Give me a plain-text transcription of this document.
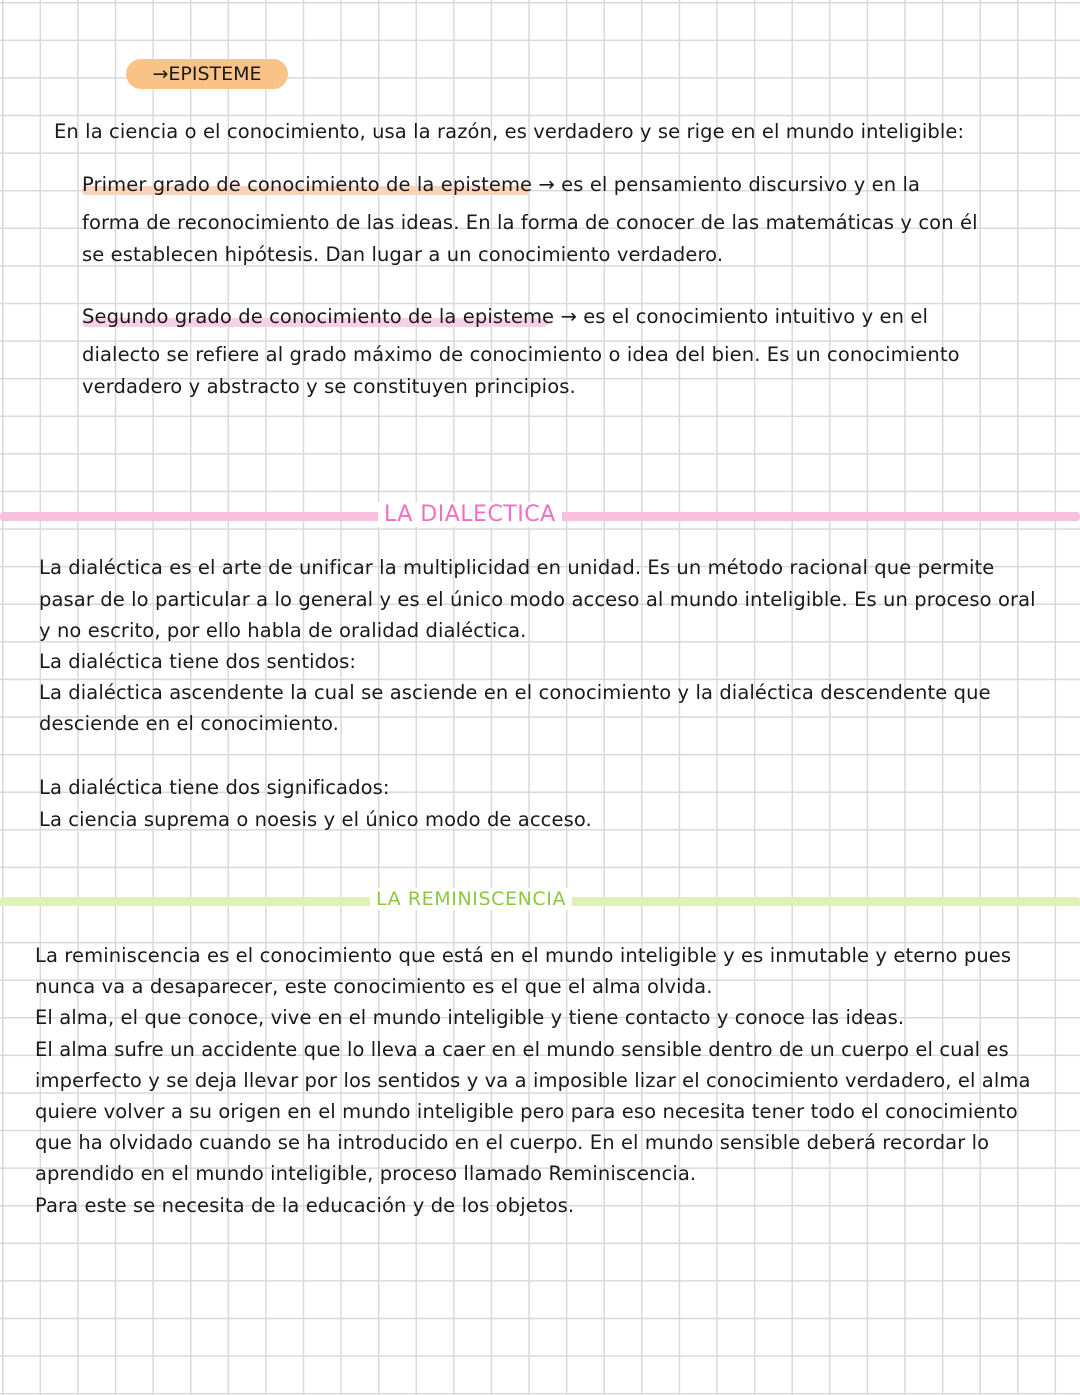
→EPISTEME
En la ciencia o el conocimiento, usa la razón, es verdadero y se rige en el mundo inteligible:
Primer grado de conocimiento de la episteme → es el pensamiento discursivo y en la
forma de reconocimiento de las ideas. En la forma de conocer de las matemáticas y con él
se establecen hipótesis. Dan lugar a un conocimiento verdadero.
Segundo grado de conocimiento de la episteme → es el conocimiento intuitivo y en el
dialecto se refiere al grado máximo de conocimiento o idea del bien. Es un conocimiento
verdadero y abstracto y se constituyen principios.
LA DIALECTICA
La dialéctica es el arte de unificar la multiplicidad en unidad. Es un método racional que permite
pasar de lo particular a lo general y es el único modo acceso al mundo inteligible. Es un proceso oral
y no escrito, por ello habla de oralidad dialéctica.
La dialéctica tiene dos sentidos:
La dialéctica ascendente la cual se asciende en el conocimiento y la dialéctica descendente que
desciende en el conocimiento.
La dialéctica tiene dos significados:
La ciencia suprema o noesis y el único modo de acceso.
LA REMINISCENCIA
La reminiscencia es el conocimiento que está en el mundo inteligible y es inmutable y eterno pues
nunca va a desaparecer, este conocimiento es el que el alma olvida.
El alma, el que conoce, vive en el mundo inteligible y tiene contacto y conoce las ideas.
El alma sufre un accidente que lo lleva a caer en el mundo sensible dentro de un cuerpo el cual es
imperfecto y se deja llevar por los sentidos y va a imposible lizar el conocimiento verdadero, el alma
quiere volver a su origen en el mundo inteligible pero para eso necesita tener todo el conocimiento
que ha olvidado cuando se ha introducido en el cuerpo. En el mundo sensible deberá recordar lo
aprendido en el mundo inteligible, proceso llamado Reminiscencia.
Para este se necesita de la educación y de los objetos.
